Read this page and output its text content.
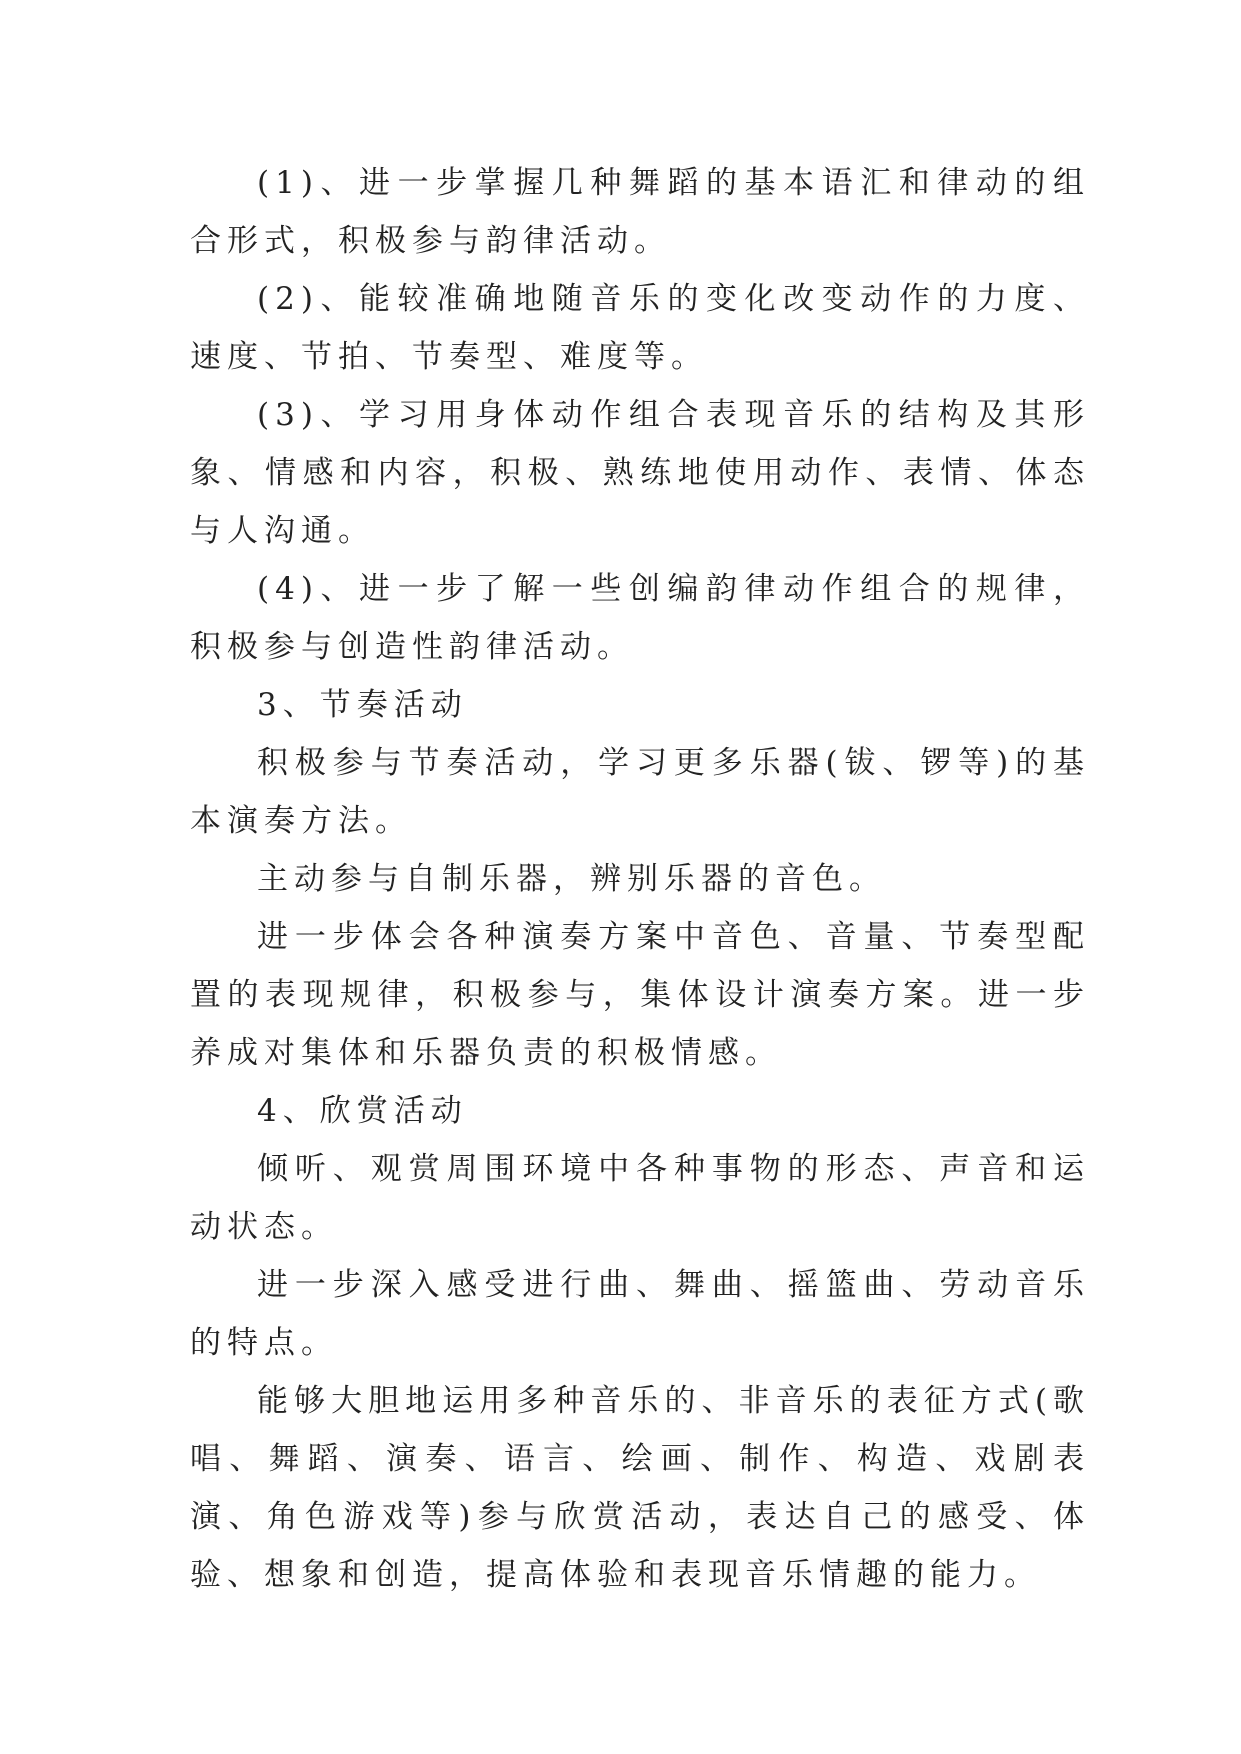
(1)、进一步掌握几种舞蹈的基本语汇和律动的组合形式，积极参与韵律活动。

(2)、能较准确地随音乐的变化改变动作的力度、速度、节拍、节奏型、难度等。

(3)、学习用身体动作组合表现音乐的结构及其形象、情感和内容，积极、熟练地使用动作、表情、体态与人沟通。

(4)、进一步了解一些创编韵律动作组合的规律，积极参与创造性韵律活动。

3、节奏活动

积极参与节奏活动，学习更多乐器(钹、锣等)的基本演奏方法。

主动参与自制乐器，辨别乐器的音色。

进一步体会各种演奏方案中音色、音量、节奏型配置的表现规律，积极参与，集体设计演奏方案。进一步养成对集体和乐器负责的积极情感。

4、欣赏活动

倾听、观赏周围环境中各种事物的形态、声音和运动状态。

进一步深入感受进行曲、舞曲、摇篮曲、劳动音乐的特点。

能够大胆地运用多种音乐的、非音乐的表征方式(歌唱、舞蹈、演奏、语言、绘画、制作、构造、戏剧表演、角色游戏等)参与欣赏活动，表达自己的感受、体验、想象和创造，提高体验和表现音乐情趣的能力。
